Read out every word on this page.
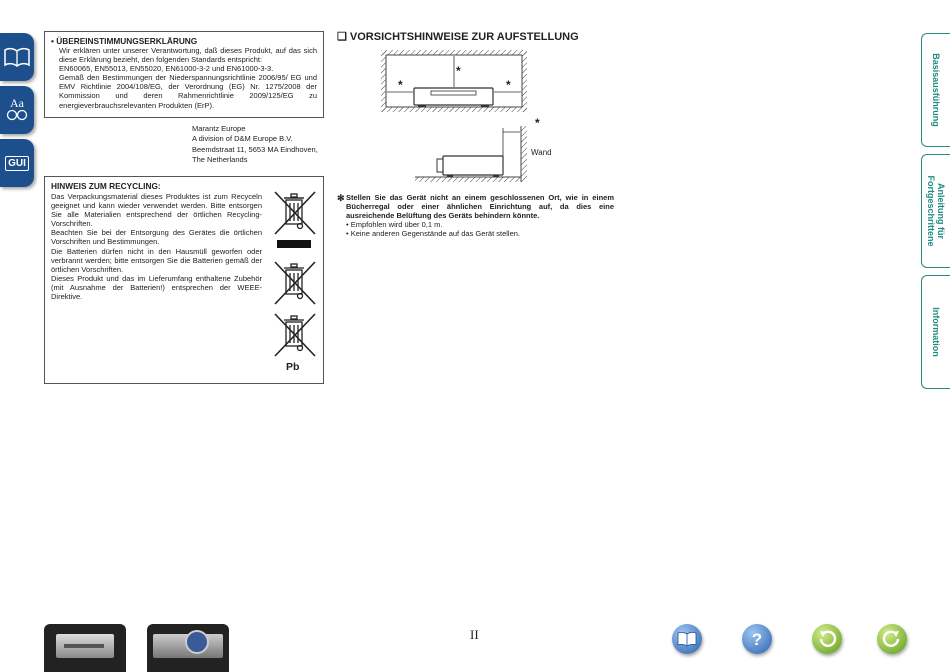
Aa
GUI
• ÜBEREINSTIMMUNGSERKLÄRUNG
Wir erklären unter unserer Verantwortung, daß dieses Produkt, auf das sich diese Erklärung bezieht, den folgenden Standards entspricht:
EN60065, EN55013, EN55020, EN61000-3-2 und EN61000-3-3.
Gemäß den Bestimmungen der Niederspannungsrichtlinie 2006/95/ EG und EMV Richtlinie 2004/108/EG, der Verordnung (EG) Nr. 1275/2008 der Kommission und deren Rahmenrichtlinie 2009/125/EG zu energieverbrauchsrelevanten Produkten (ErP).
Marantz Europe
A division of D&M Europe B.V.
Beemdstraat 11, 5653 MA Eindhoven,
The Netherlands
HINWEIS ZUM RECYCLING:
Das Verpackungsmaterial dieses Produktes ist zum Recyceln geeignet und kann wieder verwendet werden. Bitte entsorgen Sie alle Materialien entsprechend der örtlichen Recycling-Vorschriften.
Beachten Sie bei der Entsorgung des Gerätes die örtlichen Vorschriften und Bestimmungen.
Die Batterien dürfen nicht in den Hausmüll geworfen oder verbrannt werden; bitte entsorgen Sie die Batterien gemäß der örtlichen Vorschriften.
Dieses Produkt und das im Lieferumfang enthaltene Zubehör (mit Ausnahme der Batterien!) entsprechen der WEEE-Direktive.
Pb
❑ VORSICHTSHINWEISE ZUR AUFSTELLUNG
*
*
*
*
Wand
✻ Stellen Sie das Gerät nicht an einem geschlossenen Ort, wie in einem Bücherregal oder einer ähnlichen Einrichtung auf, da dies eine ausreichende Belüftung des Geräts behindern könnte.
• Empfohlen wird über 0,1 m.
• Keine anderen Gegenstände auf das Gerät stellen.
Basisausführung
Anleitung für Fortgeschrittene
Information
II	?
